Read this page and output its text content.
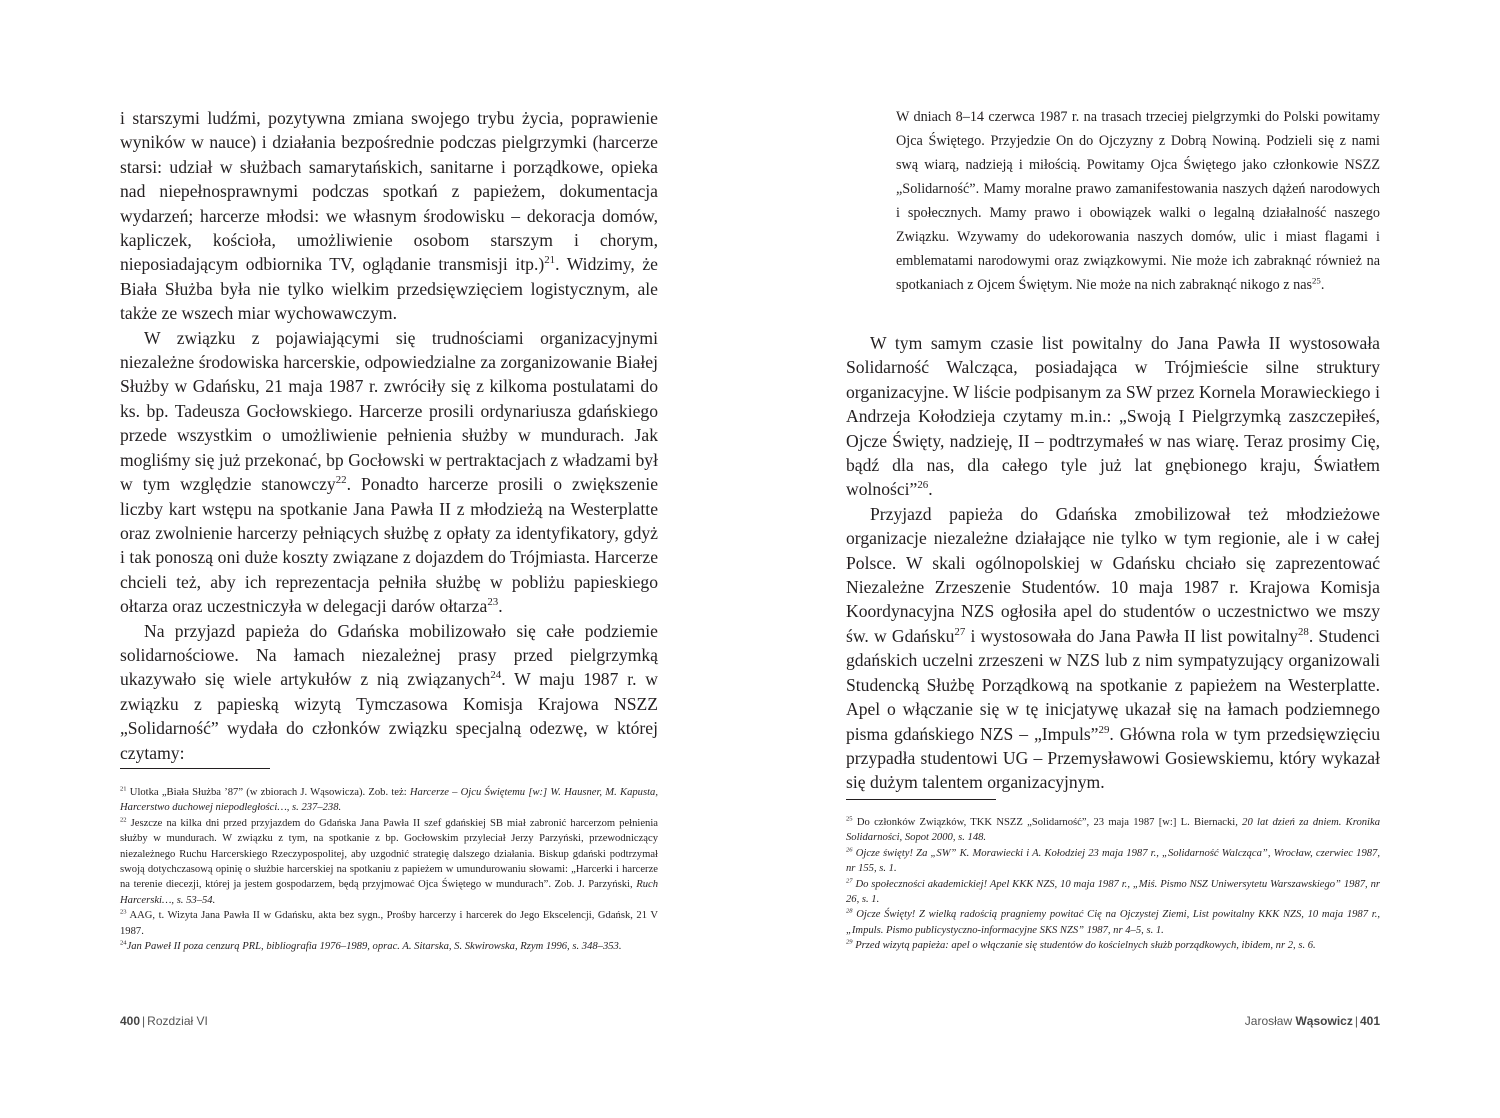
i starszymi ludźmi, pozytywna zmiana swojego trybu życia, poprawienie wyników w nauce) i działania bezpośrednie podczas pielgrzymki (harcerze starsi: udział w służbach samarytańskich, sanitarne i porządkowe, opieka nad niepełnosprawnymi podczas spotkań z papieżem, dokumentacja wydarzeń; harcerze młodsi: we własnym środowisku – dekoracja domów, kapliczek, kościoła, umożliwienie osobom starszym i chorym, nieposiadającym odbiornika TV, oglądanie transmisji itp.)$^{21}$. Widzimy, że Biała Służba była nie tylko wielkim przedsięwzięciem logistycznym, ale także ze wszech miar wychowawczym.

W związku z pojawiającymi się trudnościami organizacyjnymi niezależne środowiska harcerskie, odpowiedzialne za zorganizowanie Białej Służby w Gdańsku, 21 maja 1987 r. zwróciły się z kilkoma postulatami do ks. bp. Tadeusza Gocłowskiego. Harcerze prosili ordynariusza gdańskiego przede wszystkim o umożliwienie pełnienia służby w mundurach. Jak mogliśmy się już przekonać, bp Gocłowski w pertraktacjach z władzami był w tym względzie stanowczy$^{22}$. Ponadto harcerze prosili o zwiększenie liczby kart wstępu na spotkanie Jana Pawła II z młodzieżą na Westerplatte oraz zwolnienie harcerzy pełniących służbę z opłaty za identyfikatory, gdyż i tak ponoszą oni duże koszty związane z dojazdem do Trójmiasta. Harcerze chcieli też, aby ich reprezentacja pełniła służbę w pobliżu papieskiego ołtarza oraz uczestniczyła w delegacji darów ołtarza$^{23}$.

Na przyjazd papieża do Gdańska mobilizowało się całe podziemie solidarnościowe. Na łamach niezależnej prasy przed pielgrzymką ukazywało się wiele artykułów z nią związanych$^{24}$. W maju 1987 r. w związku z papieską wizytą Tymczasowa Komisja Krajowa NSZZ „Solidarność” wydała do członków związku specjalną odezwę, w której czytamy:

$^{21}$ Ulotka „Biała Służba ’87” (w zbiorach J. Wąsowicza). Zob. też: Harcerze – Ojcu Świętemu [w:] W. Hausner, M. Kapusta, Harcerstwo duchowej niepodległości…, s. 237–238.

$^{22}$ Jeszcze na kilka dni przed przyjazdem do Gdańska Jana Pawła II szef gdańskiej SB miał zabronić harcerzom pełnienia służby w mundurach. W związku z tym, na spotkanie z bp. Gocłowskim przyleciał Jerzy Parzyński, przewodniczący niezależnego Ruchu Harcerskiego Rzeczypospolitej, aby uzgodnić strategię dalszego działania. Biskup gdański podtrzymał swoją dotychczasową opinię o służbie harcerskiej na spotkaniu z papieżem w umundurowaniu słowami: „Harcerki i harcerze na terenie diecezji, której ja jestem gospodarzem, będą przyjmować Ojca Świętego w mundurach”. Zob. J. Parzyński, Ruch Harcerski…, s. 53–54.

$^{23}$ AAG, t. Wizyta Jana Pawła II w Gdańsku, akta bez sygn., Prośby harcerzy i harcerek do Jego Ekscelencji, Gdańsk, 21 V 1987.

$^{24}$Jan Paweł II poza cenzurą PRL, bibliografia 1976–1989, oprac. A. Sitarska, S. Skwirowska, Rzym 1996, s. 348–353.

400 | Rozdział VI

W dniach 8–14 czerwca 1987 r. na trasach trzeciej pielgrzymki do Polski powitamy Ojca Świętego. Przyjedzie On do Ojczyzny z Dobrą Nowiną. Podzieli się z nami swą wiarą, nadzieją i miłością. Powitamy Ojca Świętego jako członkowie NSZZ „Solidarność”. Mamy moralne prawo zamanifestowania naszych dążeń narodowych i społecznych. Mamy prawo i obowiązek walki o legalną działalność naszego Związku. Wzywamy do udekorowania naszych domów, ulic i miast flagami i emblematami narodowymi oraz związkowymi. Nie może ich zabraknąć również na spotkaniach z Ojcem Świętym. Nie może na nich zabraknąć nikogo z nas$^{25}$.

W tym samym czasie list powitalny do Jana Pawła II wystosowała Solidarność Walcząca, posiadająca w Trójmieście silne struktury organizacyjne. W liście podpisanym za SW przez Kornela Morawieckiego i Andrzeja Kołodzieja czytamy m.in.: „Swoją I Pielgrzymką zaszczepiłeś, Ojcze Święty, nadzieję, II – podtrzymałeś w nas wiarę. Teraz prosimy Cię, bądź dla nas, dla całego tyle już lat gnębionego kraju, Światłem wolności”$^{26}$.

Przyjazd papieża do Gdańska zmobilizował też młodzieżowe organizacje niezależne działające nie tylko w tym regionie, ale i w całej Polsce. W skali ogólnopolskiej w Gdańsku chciało się zaprezentować Niezależne Zrzeszenie Studentów. 10 maja 1987 r. Krajowa Komisja Koordynacyjna NZS ogłosiła apel do studentów o uczestnictwo we mszy św. w Gdańsku$^{27}$ i wystosowała do Jana Pawła II list powitalny$^{28}$. Studenci gdańskich uczelni zrzeszeni w NZS lub z nim sympatyzujący organizowali Studencką Służbę Porządkową na spotkanie z papieżem na Westerplatte. Apel o włączanie się w tę inicjatywę ukazał się na łamach podziemnego pisma gdańskiego NZS – „Impuls”$^{29}$. Główna rola w tym przedsięwzięciu przypadła studentowi UG – Przemysławowi Gosiewskiemu, który wykazał się dużym talentem organizacyjnym.

$^{25}$ Do członków Związków, TKK NSZZ „Solidarność”, 23 maja 1987 [w:] L. Biernacki, 20 lat dzień za dniem. Kronika Solidarności, Sopot 2000, s. 148.

$^{26}$ Ojcze święty! Za „SW” K. Morawiecki i A. Kołodziej 23 maja 1987 r., „Solidarność Walcząca”, Wrocław, czerwiec 1987, nr 155, s. 1.

$^{27}$ Do społeczności akademickiej! Apel KKK NZS, 10 maja 1987 r., „Miś. Pismo NSZ Uniwersytetu Warszawskiego” 1987, nr 26, s. 1.

$^{28}$ Ojcze Święty! Z wielką radością pragniemy powitać Cię na Ojczystej Ziemi, List powitalny KKK NZS, 10 maja 1987 r., „Impuls. Pismo publicystyczno-informacyjne SKS NZS” 1987, nr 4–5, s. 1.

$^{29}$ Przed wizytą papieża: apel o włączanie się studentów do kościelnych służb porządkowych, ibidem, nr 2, s. 6.

Jarosław Wąsowicz | 401
